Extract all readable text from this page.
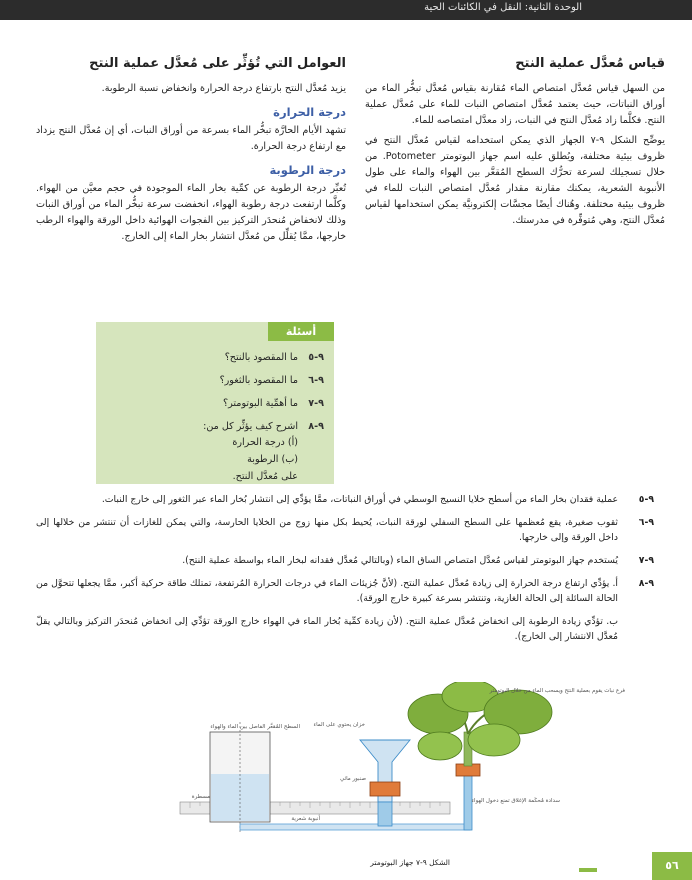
الوحدة الثانية: النقل في الكائنات الحية
قياس مُعدَّل عملية النتح

من السهل قياس مُعدَّل امتصاص الماء مُقارنة بقياس مُعدَّل تبخُّر الماء من أوراق النباتات، حيث يعتمد مُعدَّل امتصاص النبات للماء على مُعدَّل عملية النتح. فكلَّما زاد مُعدَّل النتح في النبات، زاد معدَّل امتصاصه للماء.

يوضِّح الشكل ٩-٧ الجهاز الذي يمكن استخدامه لقياس مُعدَّل النتح في ظروف بيئية مختلفة، ويُطلق عليه اسم جهاز البوتومتر Potometer. من خلال تسجيلك لسرعة تحرُّك السطح المُقعَّر بين الهواء والماء على طول الأنبوبة الشعرية، يمكنك مقارنة مقدار مُعدَّل امتصاص النبات للماء في ظروف بيئية مختلفة. وهُناك أيضًا مجسَّات إلكترونيَّة يمكن استخدامها لقياس مُعدَّل النتح، وهي مُتوفِّرة في مدرستك.

العوامل التي تُؤثِّر على مُعدَّل عملية النتح

يزيد مُعدَّل النتح بارتفاع درجة الحرارة وانخفاض نسبة الرطوبة.

درجة الحرارة

تشهد الأيام الحارَّة تبخُّر الماء بسرعة من أوراق النبات، أي إن مُعدَّل النتح يزداد مع ارتفاع درجة الحرارة.

درجة الرطوبة

تُعبِّر درجة الرطوبة عن كمِّية بخار الماء الموجودة في حجم معيَّن من الهواء. وكلَّما ارتفعت درجة رطوبة الهواء، انخفضت سرعة تبخُّر الماء من أوراق النبات وذلك لانخفاض مُنحدَر التركيز بين الفجوات الهوائية داخل الورقة والهواء الرطب خارجها، ممَّا يُقلِّل من مُعدَّل انتشار بخار الماء إلى الخارج.

أسئلة
٩-٥
ما المقصود بالنتح؟
٩-٦
ما المقصود بالثغور؟
٩-٧
ما أهمِّية البوتومتر؟
٩-٨
اشرح كيف يؤثِّر كل من:
(أ) درجة الحرارة
(ب) الرطوبة
على مُعدَّل النتح.
٩-٥
عملية فقدان بخار الماء من أسطح خلايا النسيج الوسطي في أوراق النباتات، ممَّا يؤدِّي إلى انتشار بُخار الماء عبر الثغور إلى خارج النبات.
٩-٦
ثقوب صغيرة، يقع مُعظمها على السطح السفلي لورقة النبات، يُحيط بكل منها زوج من الخلايا الحارسة، والتي يمكن للغازات أن تنتشر من خلالها إلى داخل الورقة وإلى خارجها.
٩-٧
يُستخدم جهاز البوتومتر لقياس مُعدَّل امتصاص الساق الماء (وبالتالي مُعدَّل فقدانه لبخار الماء بواسطة عملية النتح).
٩-٨
أ. يؤدِّي ارتفاع درجة الحرارة إلى زيادة مُعدَّل عملية النتح. (لأنَّ جُزيئات الماء في درجات الحرارة المُرتفعة، تمتلك طاقة حركية أكبر، ممَّا يجعلها تتحوَّل من الحالة السائلة إلى الحالة الغازية، وتنتشر بسرعة كبيرة خارج الورقة).
ب. تؤدِّي زيادة الرطوبة إلى انخفاض مُعدَّل عملية النتح. (لأن زيادة كمِّية بُخار الماء في الهواء خارج الورقة تؤدِّي إلى انخفاض مُنحدَر التركيز وبالتالي يقلّ مُعدَّل الانتشار إلى الخارج).
السطح المُقعَّر الفاصل بين الماء والهواء خزان يحتوي على الماء
صنبور مائي
فرع نبات يقوم بعملية النتح ويسحب الماء من خلال البوتومتر
سدادة مُحكَمة الإغلاق تمنع دخول الهواء
أنبوبة شعرية
مسطرة
الشكل ٩-٧ جهاز البوتومتر	٥٦
